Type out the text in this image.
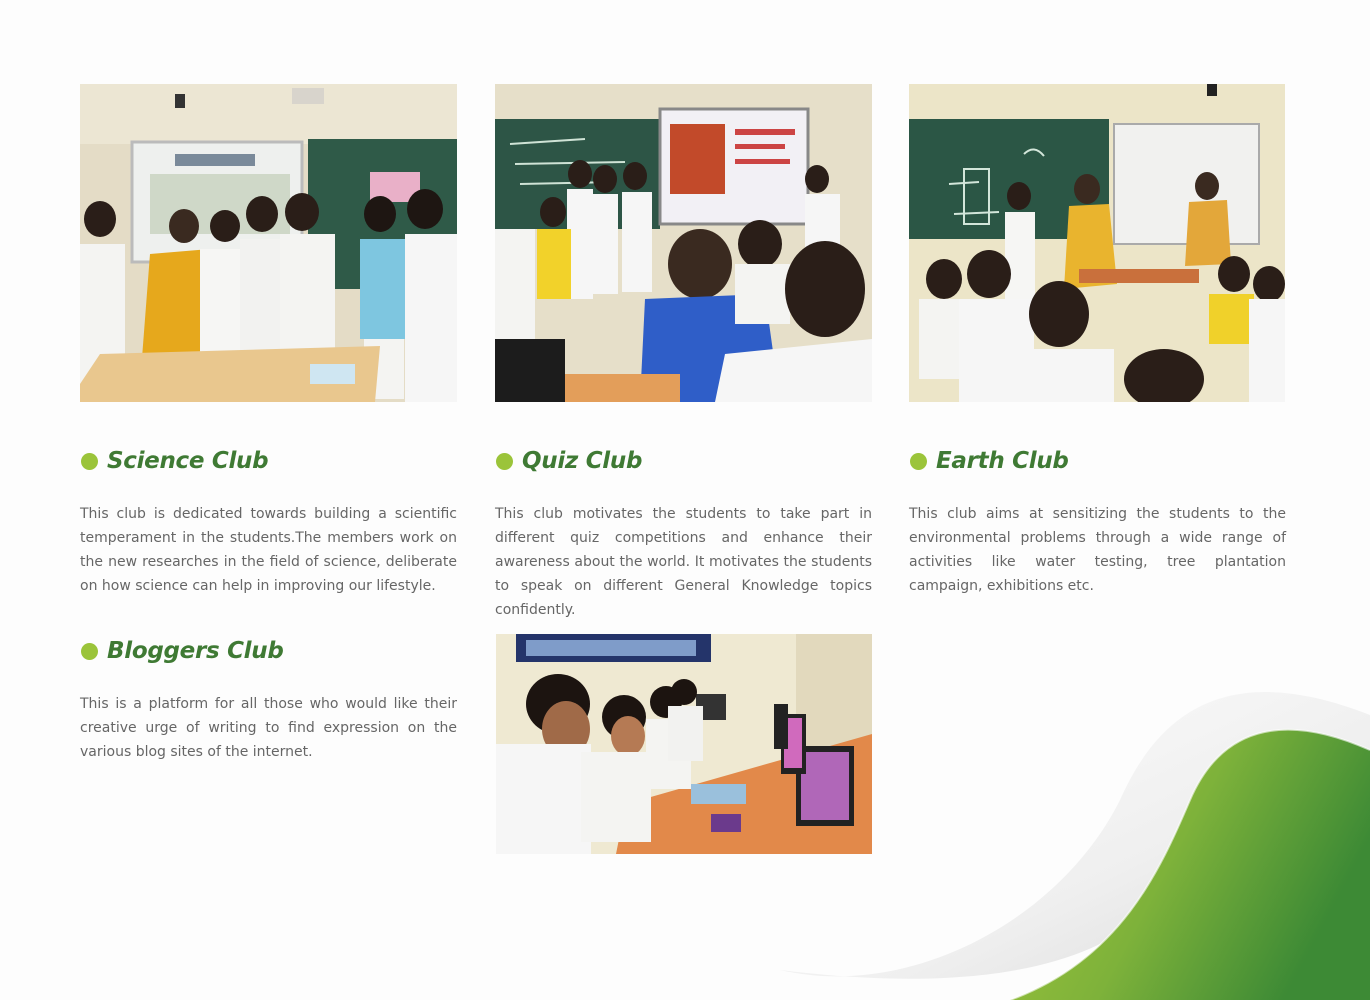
Science Club
This club is dedicated towards building a scientific temperament in the students.The members work on the new researches in the field of science, deliberate on how science can help in improving our lifestyle.
Quiz Club
This club motivates the students to take part in different quiz competitions and enhance their awareness about the world. It motivates the students to speak on different General Knowledge topics confidently.
Earth Club
This club aims at sensitizing the students to the environmental problems through a wide range of activities like water testing, tree plantation campaign, exhibitions etc.
Bloggers Club
This is a platform for all those who would like their creative urge of writing to find expression on the various blog sites of the internet.
